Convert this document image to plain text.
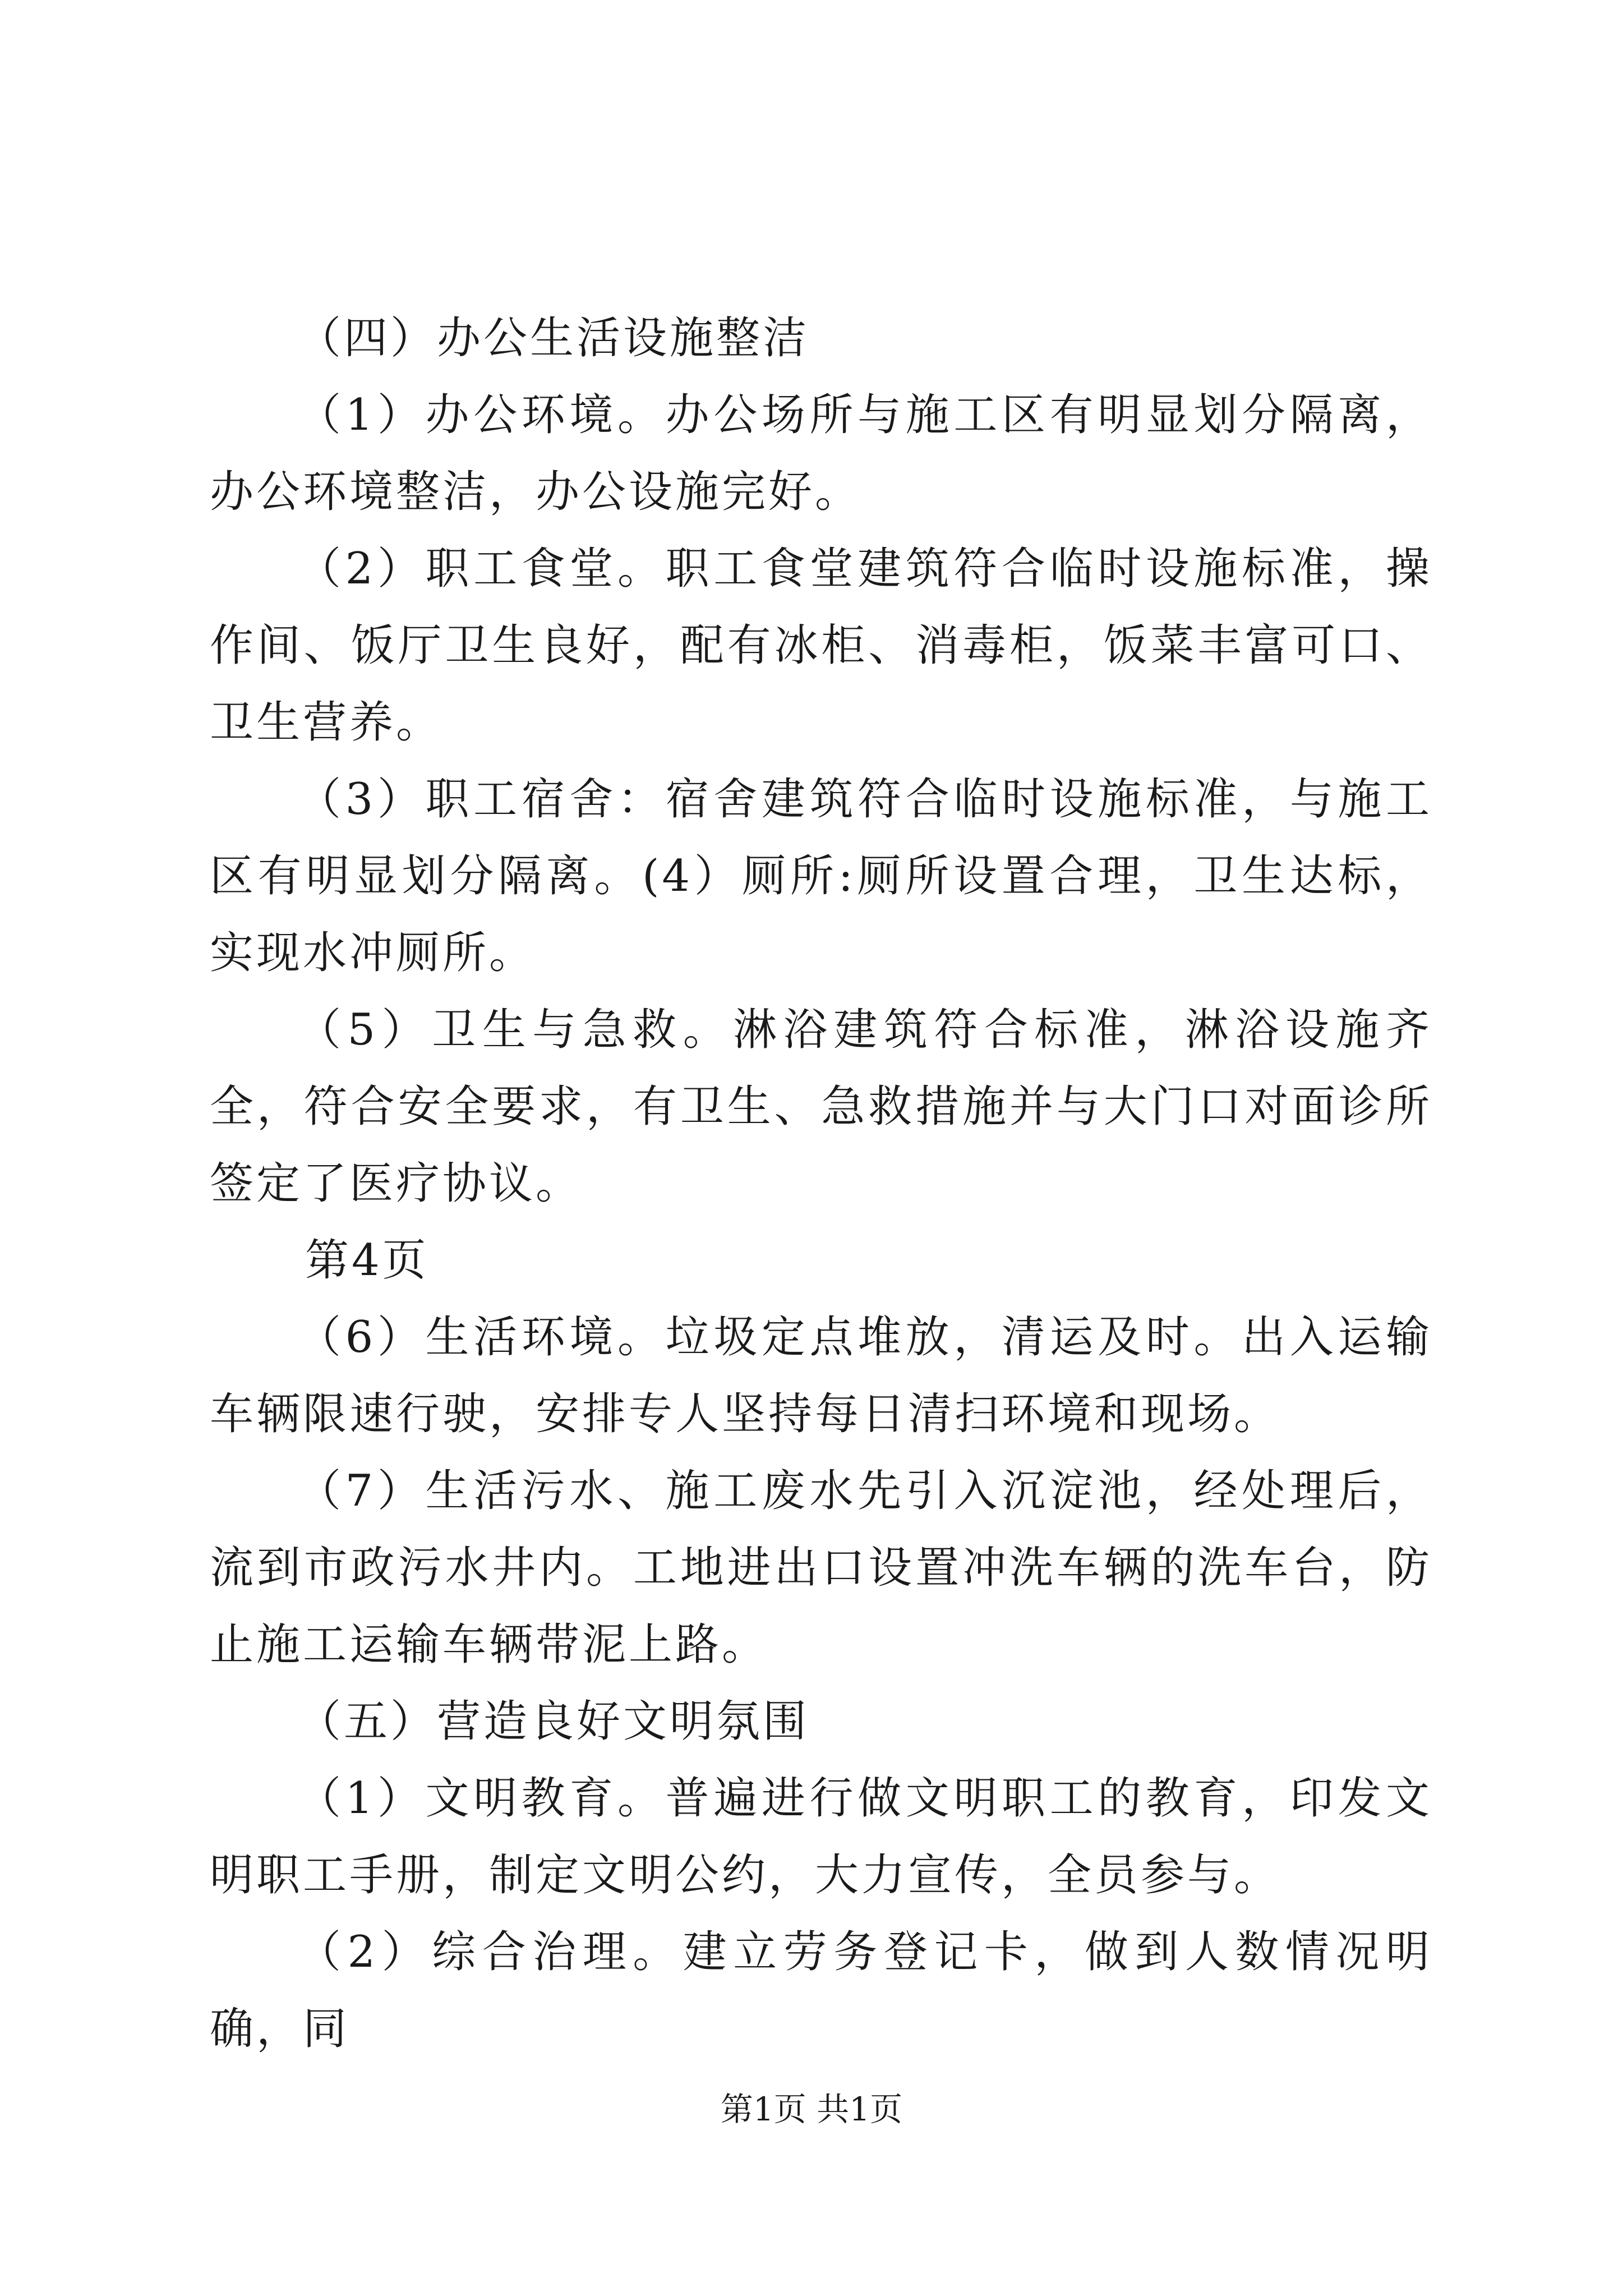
（四）办公生活设施整洁

（1）办公环境。办公场所与施工区有明显划分隔离，办公环境整洁，办公设施完好。

（2）职工食堂。职工食堂建筑符合临时设施标准，操作间、饭厅卫生良好，配有冰柜、消毒柜，饭菜丰富可口、卫生营养。

（3）职工宿舍：宿舍建筑符合临时设施标准，与施工区有明显划分隔离。(4）厕所:厕所设置合理，卫生达标，实现水冲厕所。

（5）卫生与急救。淋浴建筑符合标准，淋浴设施齐全，符合安全要求，有卫生、急救措施并与大门口对面诊所签定了医疗协议。

第4页

（6）生活环境。垃圾定点堆放，清运及时。出入运输车辆限速行驶，安排专人坚持每日清扫环境和现场。

（7）生活污水、施工废水先引入沉淀池，经处理后，流到市政污水井内。工地进出口设置冲洗车辆的洗车台，防止施工运输车辆带泥上路。

（五）营造良好文明氛围

（1）文明教育。普遍进行做文明职工的教育，印发文明职工手册，制定文明公约，大力宣传，全员参与。

（2）综合治理。建立劳务登记卡，做到人数情况明确，同

第1页 共1页
